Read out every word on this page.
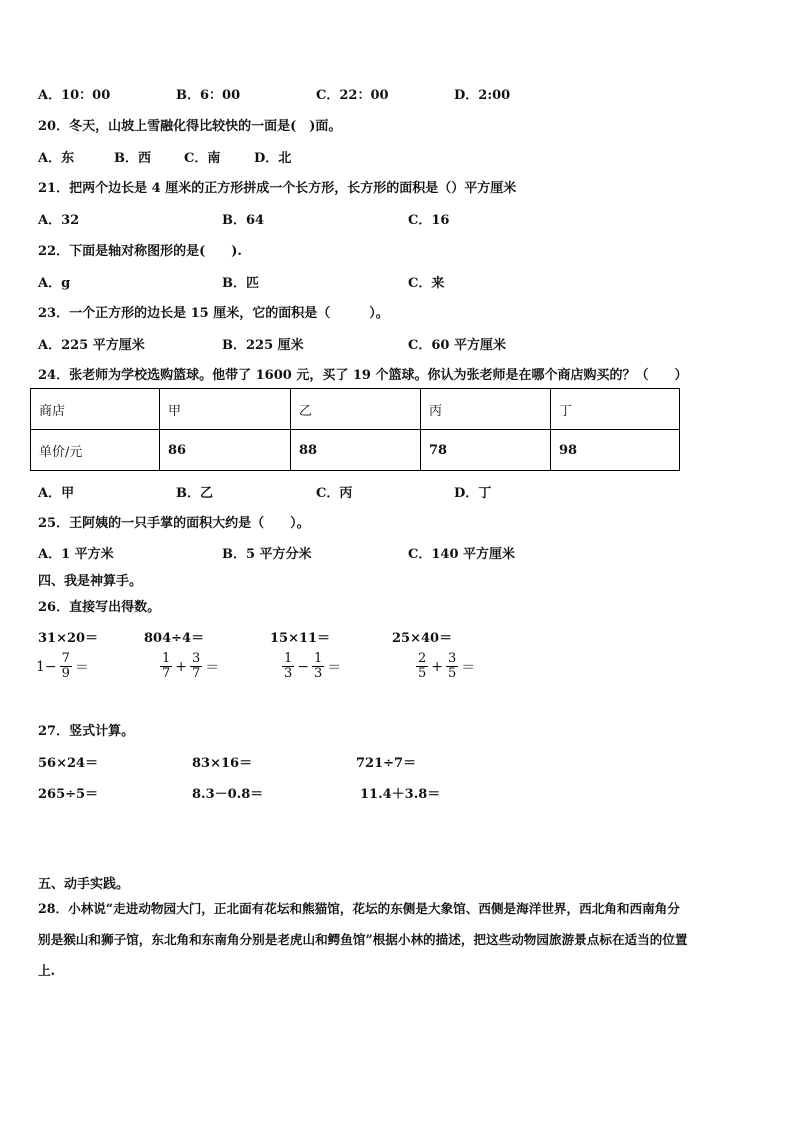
A．10：00	B．6：00	C．22：00	D．2:00
20．冬天，山坡上雪融化得比较快的一面是(　)面。
A．东	B．西	C．南	D．北
21．把两个边长是 4 厘米的正方形拼成一个长方形，长方形的面积是（）平方厘米
A．32	B．64	C．16
22．下面是轴对称图形的是(　　).
A．g	B．匹	C．来
23．一个正方形的边长是 15 厘米，它的面积是（　　　）。
A．225 平方厘米	B．225 厘米	C．60 平方厘米
24．张老师为学校选购篮球。他带了 1600 元，买了 19 个篮球。你认为张老师是在哪个商店购买的？（　　）
商店	甲	乙	丙	丁
单价/元	86	88	78	98
A．甲	B．乙	C．丙	D．丁
25．王阿姨的一只手掌的面积大约是（　　）。
A．1 平方米	B．5 平方分米	C．140 平方厘米
四、我是神算手。
26．直接写出得数。
31×20＝	804÷4＝	15×11＝	25×40＝
$1- \frac{7}{9}$ ＝	$\frac{1}{7} + \frac{3}{7}$ ＝	$\frac{1}{3} - \frac{1}{3}$ ＝	$\frac{2}{5} + \frac{3}{5}$ ＝
27．竖式计算。
56×24＝	83×16＝	721÷7＝
265÷5＝	8.3－0.8＝	11.4＋3.8＝
五、动手实践。
28．小林说“走进动物园大门，正北面有花坛和熊猫馆，花坛的东侧是大象馆、西侧是海洋世界，西北角和西南角分
别是猴山和狮子馆，东北角和东南角分别是老虎山和鳄鱼馆”根据小林的描述，把这些动物园旅游景点标在适当的位置
上.
